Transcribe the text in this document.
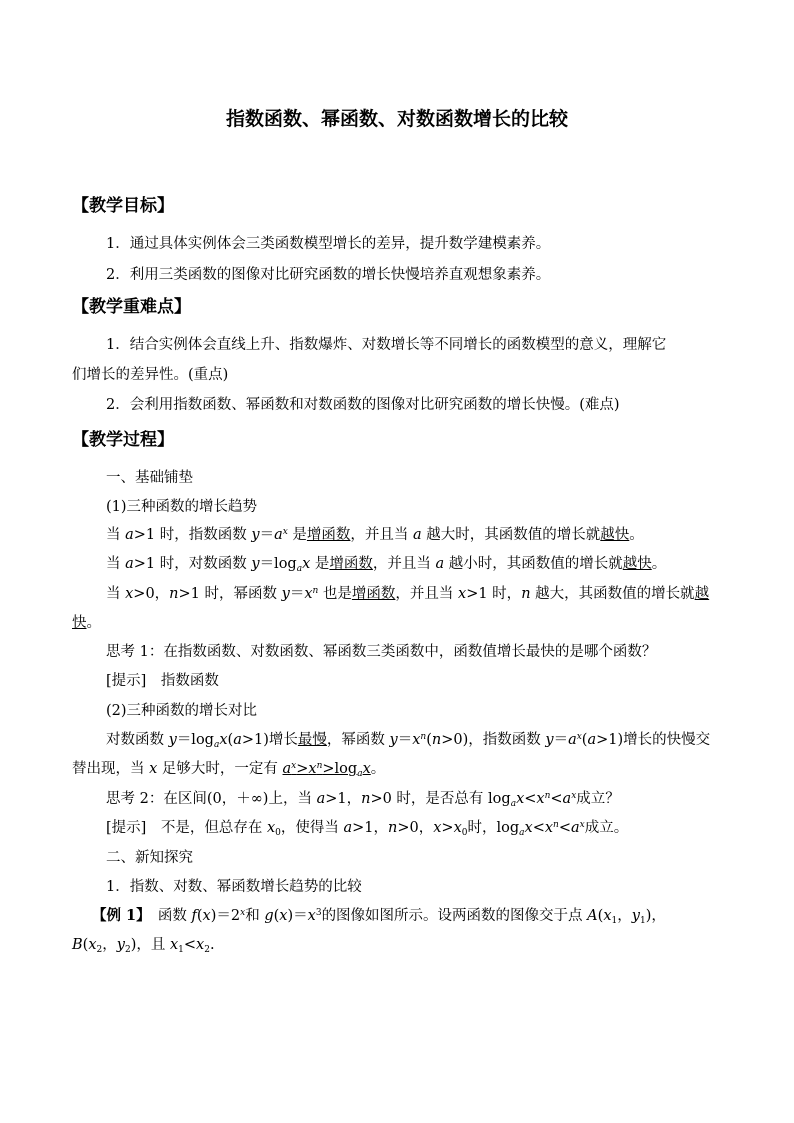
指数函数、幂函数、对数函数增长的比较
【教学目标】
1．通过具体实例体会三类函数模型增长的差异，提升数学建模素养。
2．利用三类函数的图像对比研究函数的增长快慢培养直观想象素养。
【教学重难点】
1．结合实例体会直线上升、指数爆炸、对数增长等不同增长的函数模型的意义，理解它
们增长的差异性。(重点)
2．会利用指数函数、幂函数和对数函数的图像对比研究函数的增长快慢。(难点)
【教学过程】
一、基础铺垫
(1)三种函数的增长趋势
当 a>1 时，指数函数 $y=a^x$ 是增函数，并且当 a 越大时，其函数值的增长就越快。
当 a>1 时，对数函数 $y=\log_ax$ 是增函数，并且当 a 越小时，其函数值的增长就越快。
当 x>0，n>1 时，幂函数 $y=x^n$ 也是增函数，并且当 x>1 时，n 越大，其函数值的增长就越
快。
思考 1：在指数函数、对数函数、幂函数三类函数中，函数值增长最快的是哪个函数？
[提示]　指数函数
(2)三种函数的增长对比
对数函数 $y=\log_ax(a>1)$增长最慢，幂函数 $y=x^n(n>0)$，指数函数 $y=a^x(a>1)$增长的快慢交
替出现，当 x 足够大时，一定有 $a^x>x^n>\log_ax$。
思考 2：在区间(0，＋∞)上，当 a>1，n>0 时，是否总有 $\log_ax<x^n<a^x$成立？
[提示]　不是，但总存在 $x_0$，使得当 a>1，n>0，$x>x_0$时，$\log_ax<x^n<a^x$成立。
二、新知探究
1．指数、对数、幂函数增长趋势的比较
【例 1】　函数 $f(x)=2^x$和 $g(x)=x^3$的图像如图所示。设两函数的图像交于点 $A(x_1$，$y_1$)，
$B(x_2$，$y_2$)，且 $x_1<x_2$.
